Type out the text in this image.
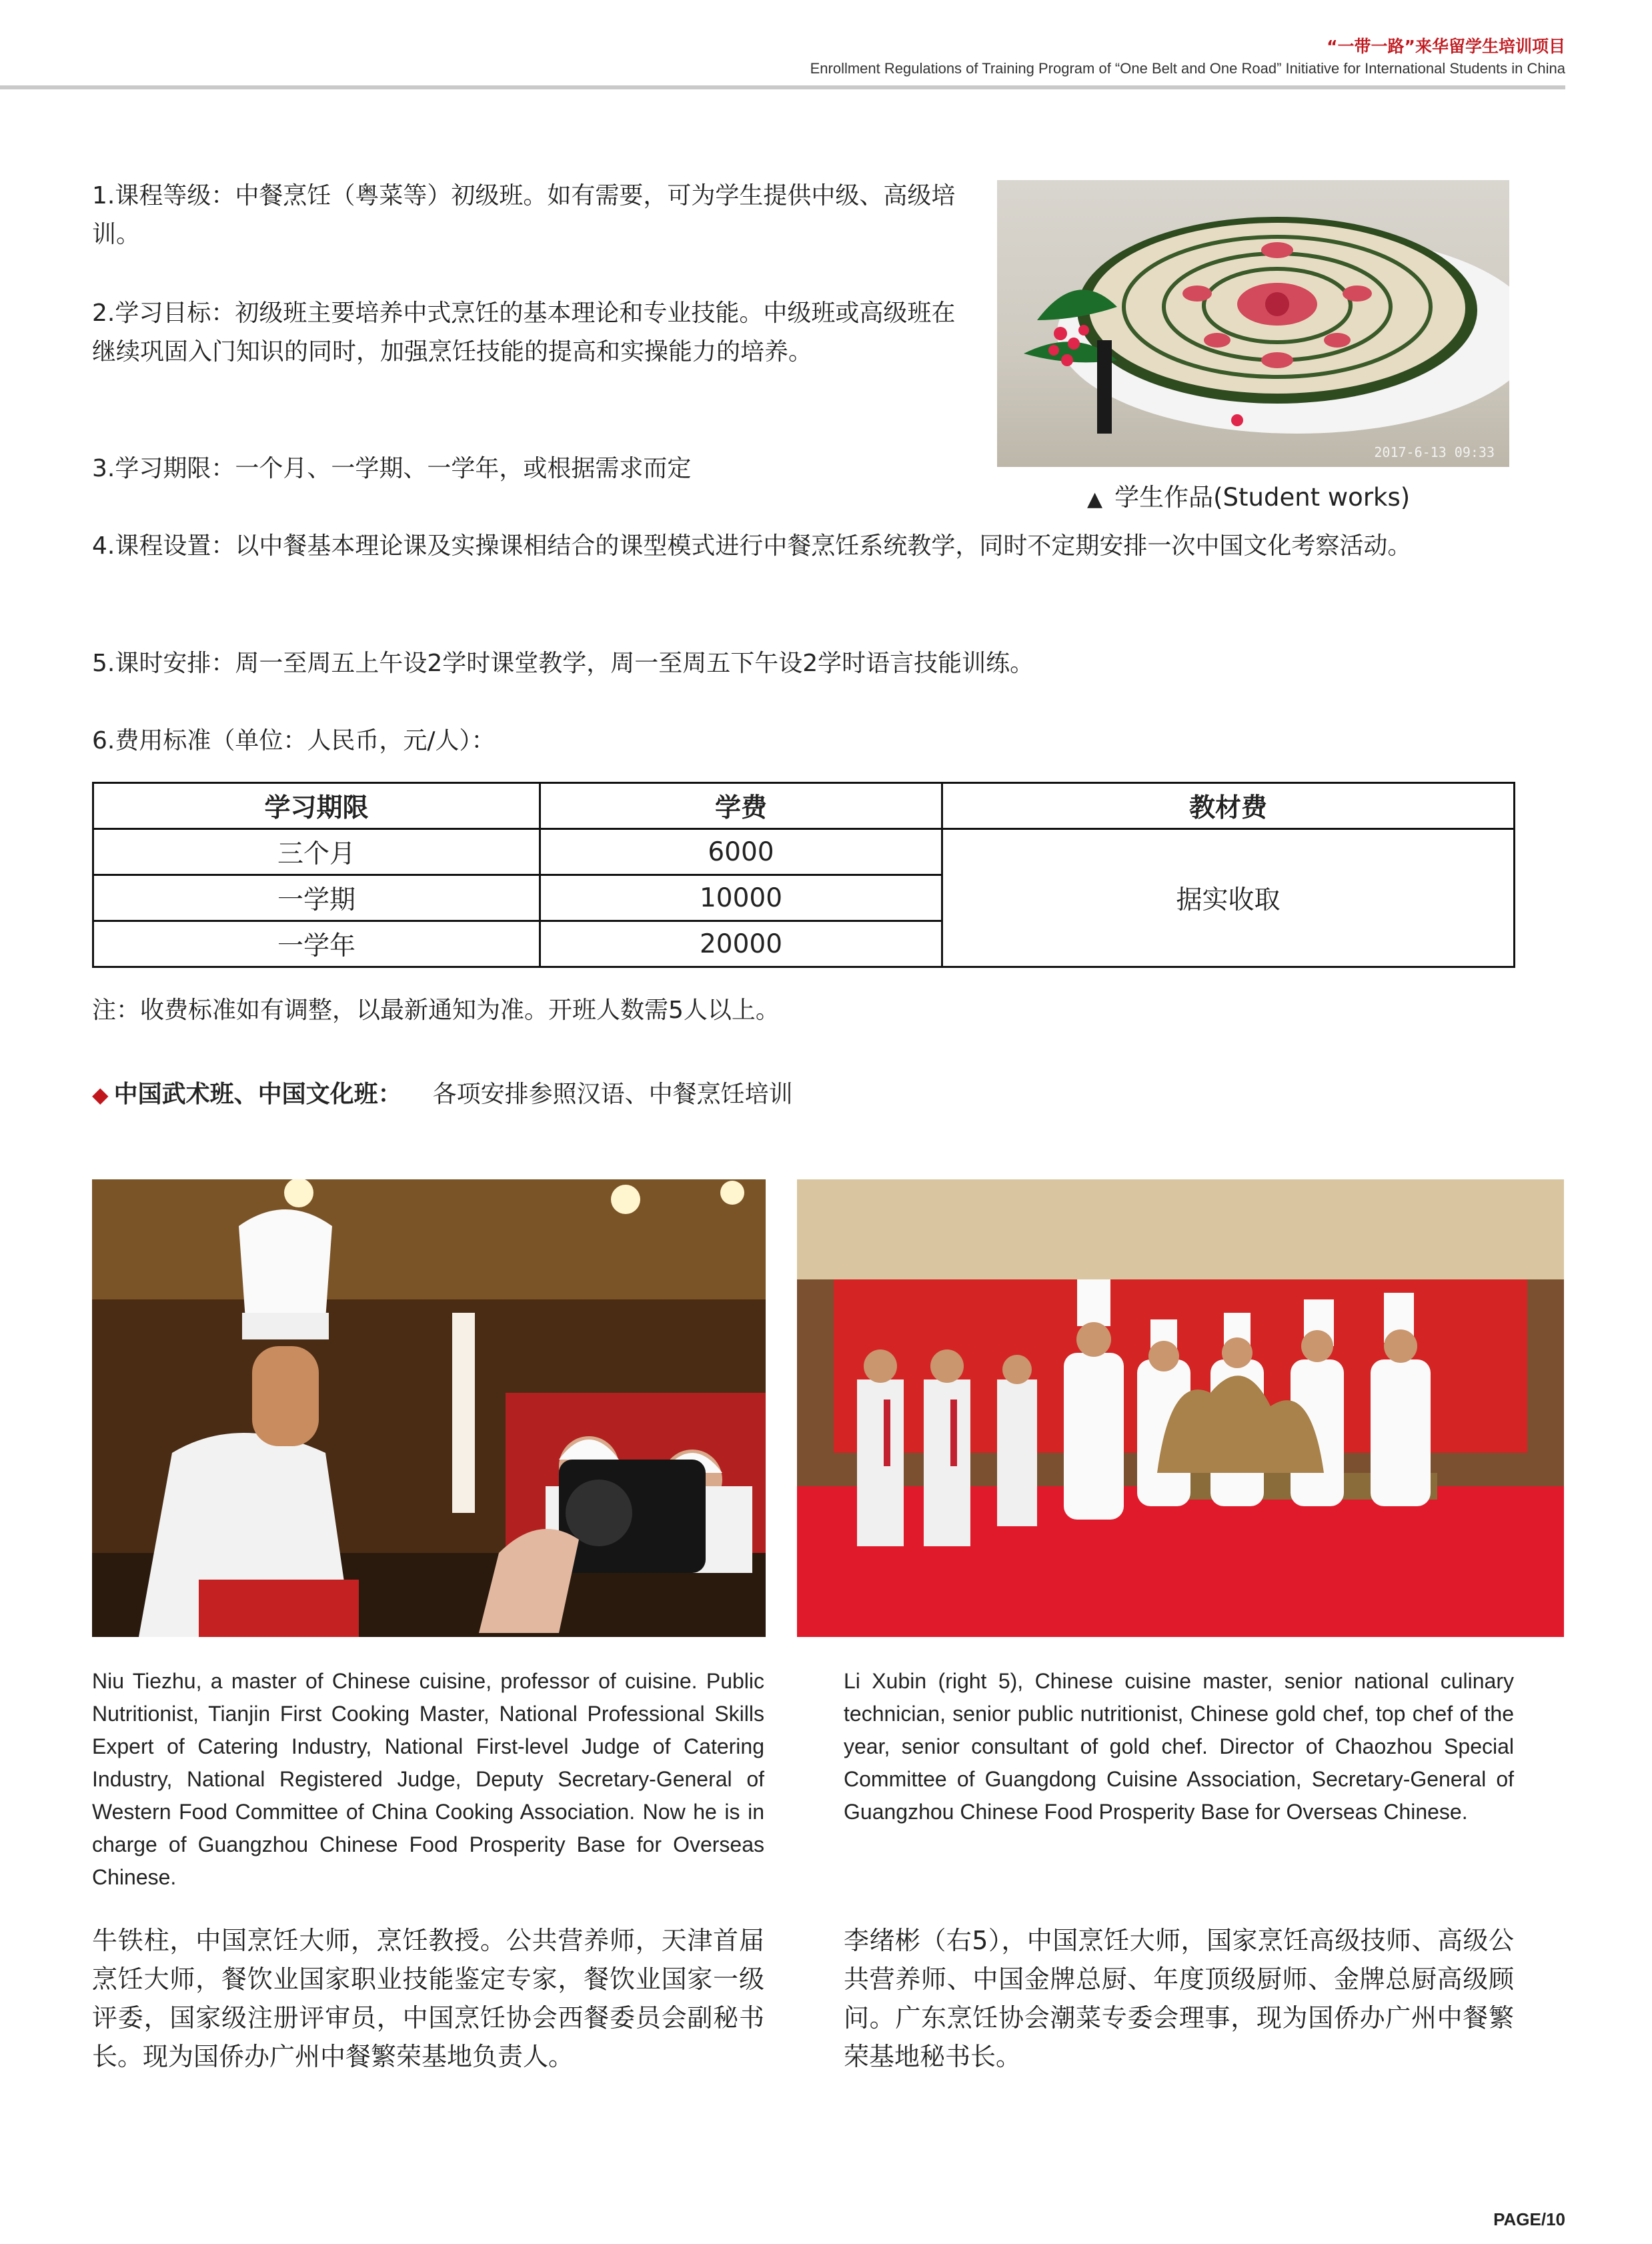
“一带一路”来华留学生培训项目
Enrollment Regulations of Training Program of “One Belt and One Road” Initiative for International Students in China
1.课程等级：中餐烹饪（粤菜等）初级班。如有需要，可为学生提供中级、高级培训。
2.学习目标：初级班主要培养中式烹饪的基本理论和专业技能。中级班或高级班在继续巩固入门知识的同时，加强烹饪技能的提高和实操能力的培养。
3.学习期限：一个月、一学期、一学年，或根据需求而定
4.课程设置：以中餐基本理论课及实操课相结合的课型模式进行中餐烹饪系统教学，同时不定期安排一次中国文化考察活动。
5.课时安排：周一至周五上午设2学时课堂教学，周一至周五下午设2学时语言技能训练。
6.费用标准（单位：人民币，元/人）：
2017-6-13 09:33
▲ 学生作品(Student works)
学习期限	学费	教材费
三个月	6000	据实收取
一学期	10000	
一学年	20000	
注：收费标准如有调整，以最新通知为准。开班人数需5人以上。
◆ 中国武术班、中国文化班： 各项安排参照汉语、中餐烹饪培训
Niu Tiezhu, a master of Chinese cuisine, professor of cuisine. Public Nutritionist, Tianjin First Cooking Master, National Professional Skills Expert of Catering Industry, National First-level Judge of Catering Industry, National Registered Judge, Deputy Secretary-General of Western Food Committee of China Cooking Association. Now he is in charge of Guangzhou Chinese Food Prosperity Base for Overseas Chinese.
Li Xubin (right 5), Chinese cuisine master, senior national culinary technician, senior public nutritionist, Chinese gold chef, top chef of the year, senior consultant of gold chef. Director of Chaozhou Special Committee of Guangdong Cuisine Association, Secretary-General of Guangzhou Chinese Food Prosperity Base for Overseas Chinese.
牛铁柱，中国烹饪大师，烹饪教授。公共营养师，天津首届烹饪大师，餐饮业国家职业技能鉴定专家，餐饮业国家一级评委，国家级注册评审员，中国烹饪协会西餐委员会副秘书长。现为国侨办广州中餐繁荣基地负责人。
李绪彬（右5），中国烹饪大师，国家烹饪高级技师、高级公共营养师、中国金牌总厨、年度顶级厨师、金牌总厨高级顾问。广东烹饪协会潮菜专委会理事，现为国侨办广州中餐繁荣基地秘书长。
PAGE/10
